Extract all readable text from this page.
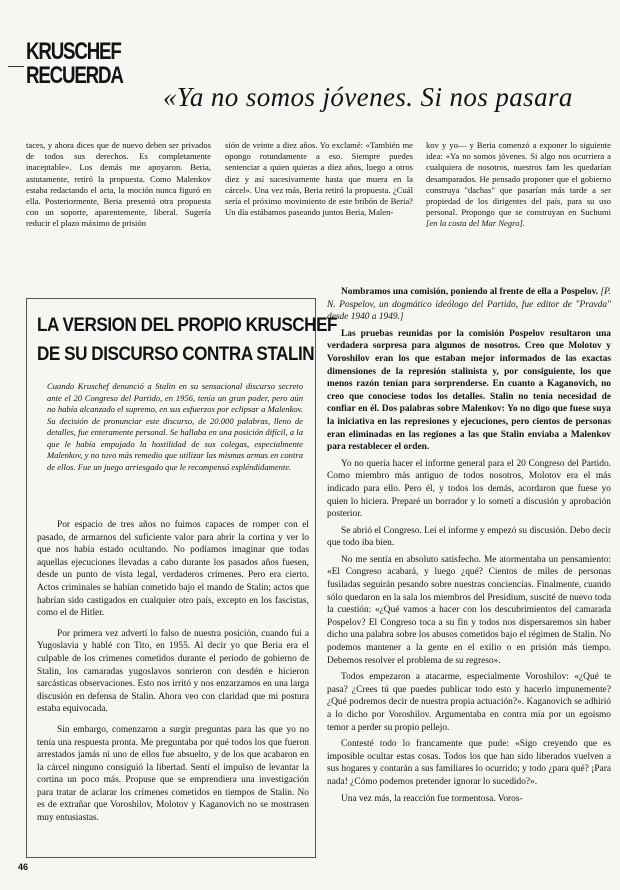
KRUSCHEF
RECUERDA
«Ya no somos jóvenes. Si nos pasara

taces, y ahora dices que de nuevo deben ser privados de todos sus derechos. Es completamente inaceptable». Los demás me apoyaron. Beria, astutamente, retiró la propuesta. Como Malenkov estaba redactando el acta, la moción nunca figuró en ella. Posteriormente, Beria presentó otra propuesta con un soporte, aparentemente, liberal. Sugería reducir el plazo máximo de prisión

sión de veinte a diez años. Yo exclamé: «También me opongo rotundamente a eso. Siempre puedes sentenciar a quien quieras a diez años, luego a otros diez y así sucesivamente hasta que muera en la cárcel». Una vez más, Beria retiró la propuesta. ¿Cuál sería el próximo movimiento de este bribón de Beria? Un día estábamos paseando juntos Beria, Malen-

kov y yo— y Beria comenzó a exponer lo siguiente idea: «Ya no somos jóvenes. Si algo nos ocurriera a cualquiera de nosotros, nuestros fam les quedarían desamparados. He pensado proponer que el gobierno construya "dachas" que pasarían más tarde a ser propiedad de los dirigentes del país, para su uso personal. Propongo que se construyan en Suchumi [en la costa del Mar Negro].

LA VERSION DEL PROPIO KRUSCHEF
DE SU DISCURSO CONTRA STALIN

Cuando Kruschef denunció a Stalin en su sensacional discurso secreto ante el 20 Congreso del Partido, en 1956, tenía un gran poder, pero aún no había alcanzado el supremo, en sus esfuerzos por eclipsar a Malenkov. Su decisión de pronunciar este discurso, de 20.000 palabras, lleno de detalles, fue enteramente personal. Se hallaba en una posición difícil, a la que le había empujado la hostilidad de sus colegas, especialmente Malenkov, y no tuvo más remedio que utilizar las mismas armas en contra de ellos. Fue un juego arriesgado que le recompensó espléndidamente.

Por espacio de tres años no fuimos capaces de romper con el pasado, de armarnos del suficiente valor para abrir la cortina y ver lo que nos había estado ocultando. No podíamos imaginar que todas aquellas ejecuciones llevadas a cabo durante los pasados años fuesen, desde un punto de vista legal, verdaderos crímenes. Pero era cierto. Actos criminales se habían cometido bajo el mando de Stalin; actos que habrían sido castigados en cualquier otro país, excepto en los fascistas, como el de Hitler.

Por primera vez advertí lo falso de nuestra posición, cuando fui a Yugoslavia y hablé con Tito, en 1955. Al decir yo que Beria era el culpable de los crímenes cometidos durante el período de gobierno de Stalin, los camaradas yugoslavos sonrieron con desdén e hicieron sarcásticas observaciones. Esto nos irritó y nos enzarzamos en una larga discusión en defensa de Stalin. Ahora veo con claridad que mi postura estaba equivocada.

Sin embargo, comenzaron a surgir preguntas para las que yo no tenía una respuesta pronta. Me preguntaba por qué todos los que fueron arrestados jamás ni uno de ellos fue absuelto, y de los que acabaron en la cárcel ninguno consiguió la libertad. Sentí el impulso de levantar la cortina un poco más. Propuse que se emprendiera una investigación para tratar de aclarar los crímenes cometidos en tiempos de Stalin. No es de extrañar que Voroshilov, Molotov y Kaganovich no se mostrasen muy entusiastas.

Nombramos una comisión, poniendo al frente de ella a Pospelov. [P. N. Pospelov, un dogmático ideólogo del Partido, fue editor de "Pravda" desde 1940 a 1949.]

Las pruebas reunidas por la comisión Pospelov resultaron una verdadera sorpresa para algunos de nosotros. Creo que Molotov y Voroshilov eran los que estaban mejor informados de las exactas dimensiones de la represión stalinista y, por consiguiente, los que menos razón tenían para sorprenderse. En cuanto a Kaganovich, no creo que conociese todos los detalles. Stalin no tenía necesidad de confiar en él. Dos palabras sobre Malenkov: Yo no digo que fuese suya la iniciativa en las represiones y ejecuciones, pero cientos de personas eran eliminadas en las regiones a las que Stalin enviaba a Malenkov para restablecer el orden.

Yo no quería hacer el informe general para el 20 Congreso del Partido. Como miembro más antiguo de todos nosotros, Molotov era el más indicado para ello. Pero él, y todos los demás, acordaron que fuese yo quien lo hiciera. Preparé un borrador y lo sometí a discusión y aprobación posterior.

Se abrió el Congreso. Leí el informe y empezó su discusión. Debo decir que todo iba bien.

No me sentía en absoluto satisfecho. Me atormentaba un pensamiento: «El Congreso acabará, y luego ¿qué? Cientos de miles de personas fusiladas seguirán pesando sobre nuestras conciencias. Finalmente, cuando sólo quedaron en la sala los miembros del Presidium, suscité de nuevo toda la cuestión: «¿Qué vamos a hacer con los descubrimientos del camarada Pospelov? El Congreso toca a su fin y todos nos dispersaremos sin haber dicho una palabra sobre los abusos cometidos bajo el régimen de Stalin. No podemos mantener a la gente en el exilio o en prisión más tiempo. Debemos resolver el problema de su regreso».

Todos empezaron a atacarme, especialmente Voroshilov: «¿Qué te pasa? ¿Crees tú que puedes publicar todo esto y hacerlo impunemente? ¿Qué podremos decir de nuestra propia actuación?». Kaganovich se adhirió a lo dicho por Voroshilov. Argumentaba en contra mía por un egoísmo temor a perder su propio pellejo.

Contesté todo lo francamente que pude: «Sigo creyendo que es imposible ocultar estas cosas. Todos los que han sido liberados vuelven a sus hogares y contarán a sus familiares lo ocurrido; y todo ¿para qué? ¡Para nada! ¿Cómo podemos pretender ignorar lo sucedido?».

Una vez más, la reacción fue tormentosa. Voros-

46
